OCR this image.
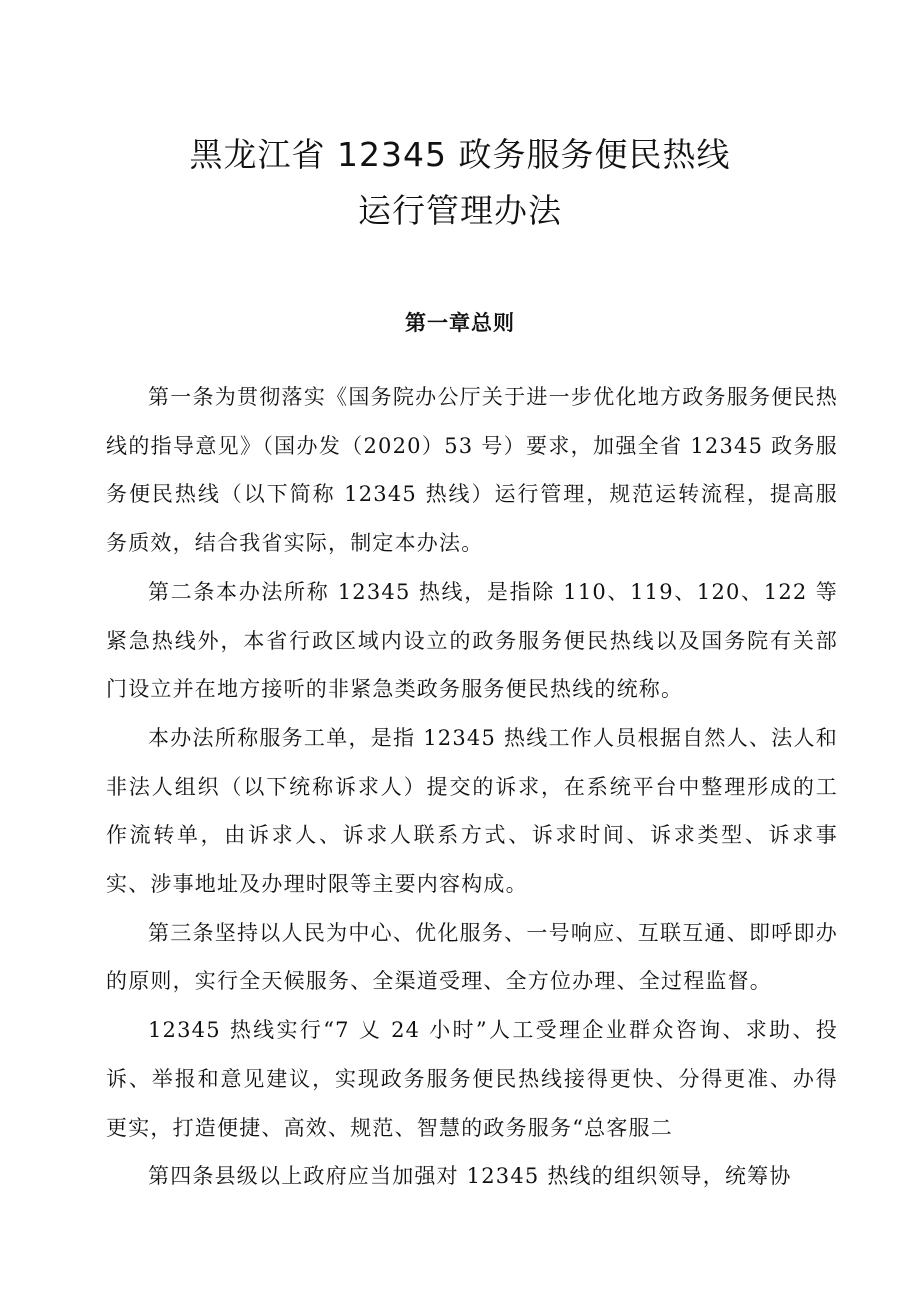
黑龙江省 12345 政务服务便民热线
运行管理办法
第一章总则

第一条为贯彻落实《国务院办公厅关于进一步优化地方政务服务便民热线的指导意见》（国办发（2020）53 号）要求，加强全省 12345 政务服务便民热线（以下简称 12345 热线）运行管理，规范运转流程，提高服务质效，结合我省实际，制定本办法。

第二条本办法所称 12345 热线，是指除 110、119、120、122 等紧急热线外，本省行政区域内设立的政务服务便民热线以及国务院有关部门设立并在地方接听的非紧急类政务服务便民热线的统称。

本办法所称服务工单，是指 12345 热线工作人员根据自然人、法人和非法人组织（以下统称诉求人）提交的诉求，在系统平台中整理形成的工作流转单，由诉求人、诉求人联系方式、诉求时间、诉求类型、诉求事实、涉事地址及办理时限等主要内容构成。

第三条坚持以人民为中心、优化服务、一号响应、互联互通、即呼即办的原则，实行全天候服务、全渠道受理、全方位办理、全过程监督。

12345 热线实行“7 乂 24 小时”人工受理企业群众咨询、求助、投诉、举报和意见建议，实现政务服务便民热线接得更快、分得更准、办得更实，打造便捷、高效、规范、智慧的政务服务“总客服二

第四条县级以上政府应当加强对 12345 热线的组织领导，统筹协
